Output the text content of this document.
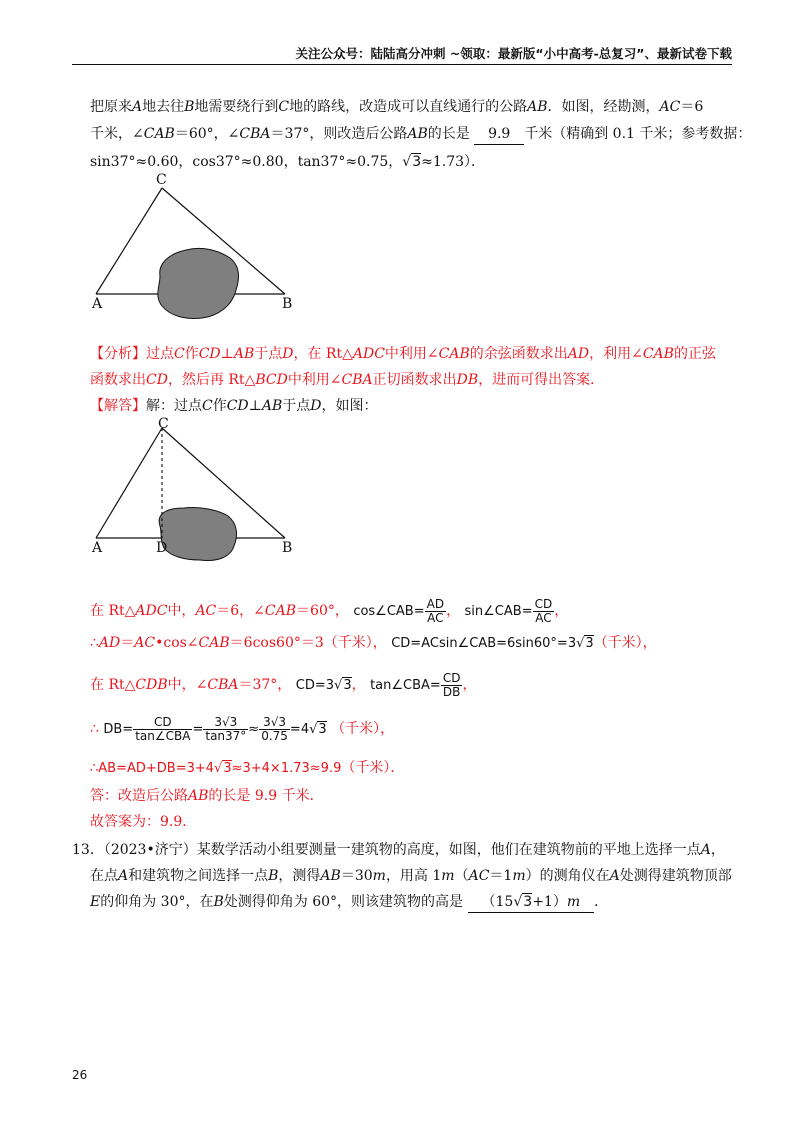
关注公众号：陆陆高分冲刺 ~领取：最新版“小中高考-总复习”、最新试卷下载
把原来A地去往B地需要绕行到C地的路线，改造成可以直线通行的公路AB．如图，经勘测，AC＝6
千米，∠CAB＝60°，∠CBA＝37°，则改造后公路AB的长是 9.9 千米（精确到 0.1 千米；参考数据：
sin37°≈0.60，cos37°≈0.80，tan37°≈0.75，√3≈1.73）．
C
A	B
【分析】过点C作CD⊥AB于点D，在 Rt△ADC中利用∠CAB的余弦函数求出AD，利用∠CAB的正弦
函数求出CD，然后再 Rt△BCD中利用∠CBA正切函数求出DB，进而可得出答案．
【解答】解：过点C作CD⊥AB于点D，如图：
C
A	D	B
在 Rt△ADC中，AC＝6，∠CAB＝60°， cos∠CAB= $\frac{AD}{AC}$ ， sin∠CAB= $\frac{CD}{AC}$ ，
∴AD＝AC•cos∠CAB＝6cos60°＝3（千米）， CD=ACsin∠CAB=6sin60°=3√3（千米），
在 Rt△CDB中，∠CBA＝37°， CD=3√3， tan∠CBA= $\frac{CD}{DB}$ ，
∴ $DB= \frac{CD}{\text{tan∠CBA}} = \frac{3√3}{\tan 37^\circ} \approx \frac{3√3}{0.75} =4√3$ （千米），
∴AB=AD+DB=3+4√3≈3+4×1.73≈9.9（千米）．
答：改造后公路AB的长是 9.9 千米．
故答案为：9.9．
13．（2023•济宁）某数学活动小组要测量一建筑物的高度，如图，他们在建筑物前的平地上选择一点A，
在点A和建筑物之间选择一点B，测得AB＝30m，用高 1m（AC＝1m）的测角仪在A处测得建筑物顶部
E的仰角为 30°，在B处测得仰角为 60°，则该建筑物的高是 （15√3+1）m ．
26
